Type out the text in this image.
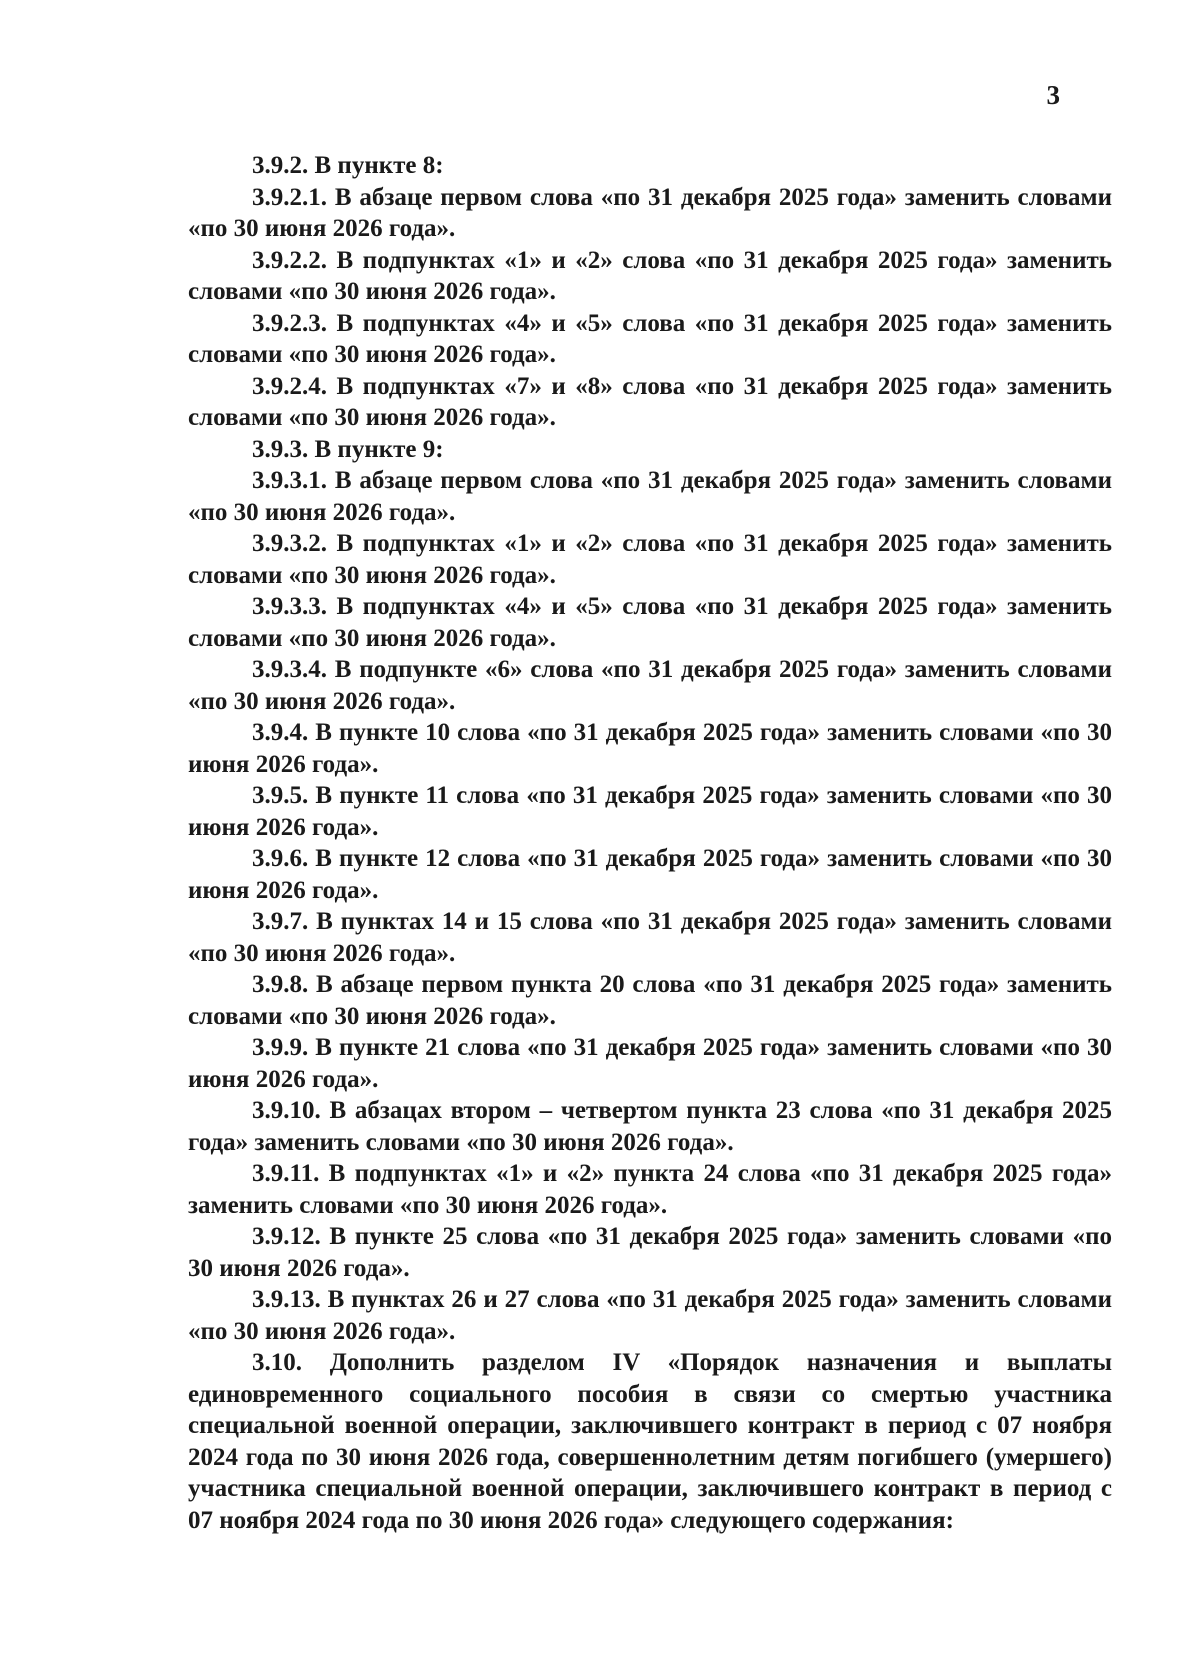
3

3.9.2. В пункте 8:

3.9.2.1. В абзаце первом слова «по 31 декабря 2025 года» заменить словами «по 30 июня 2026 года».

3.9.2.2. В подпунктах «1» и «2» слова «по 31 декабря 2025 года» заменить словами «по 30 июня 2026 года».

3.9.2.3. В подпунктах «4» и «5» слова «по 31 декабря 2025 года» заменить словами «по 30 июня 2026 года».

3.9.2.4. В подпунктах «7» и «8» слова «по 31 декабря 2025 года» заменить словами «по 30 июня 2026 года».

3.9.3. В пункте 9:

3.9.3.1. В абзаце первом слова «по 31 декабря 2025 года» заменить словами «по 30 июня 2026 года».

3.9.3.2. В подпунктах «1» и «2» слова «по 31 декабря 2025 года» заменить словами «по 30 июня 2026 года».

3.9.3.3. В подпунктах «4» и «5» слова «по 31 декабря 2025 года» заменить словами «по 30 июня 2026 года».

3.9.3.4. В подпункте «6» слова «по 31 декабря 2025 года» заменить словами «по 30 июня 2026 года».

3.9.4. В пункте 10 слова «по 31 декабря 2025 года» заменить словами «по 30 июня 2026 года».

3.9.5. В пункте 11 слова «по 31 декабря 2025 года» заменить словами «по 30 июня 2026 года».

3.9.6. В пункте 12 слова «по 31 декабря 2025 года» заменить словами «по 30 июня 2026 года».

3.9.7. В пунктах 14 и 15 слова «по 31 декабря 2025 года» заменить словами «по 30 июня 2026 года».

3.9.8. В абзаце первом пункта 20 слова «по 31 декабря 2025 года» заменить словами «по 30 июня 2026 года».

3.9.9. В пункте 21 слова «по 31 декабря 2025 года» заменить словами «по 30 июня 2026 года».

3.9.10. В абзацах втором – четвертом пункта 23 слова «по 31 декабря 2025 года» заменить словами «по 30 июня 2026 года».

3.9.11. В подпунктах «1» и «2» пункта 24 слова «по 31 декабря 2025 года» заменить словами «по 30 июня 2026 года».

3.9.12. В пункте 25 слова «по 31 декабря 2025 года» заменить словами «по 30 июня 2026 года».

3.9.13. В пунктах 26 и 27 слова «по 31 декабря 2025 года» заменить словами «по 30 июня 2026 года».

3.10. Дополнить разделом IV «Порядок назначения и выплаты единовременного социального пособия в связи со смертью участника специальной военной операции, заключившего контракт в период с 07 ноября 2024 года по 30 июня 2026 года, совершеннолетним детям погибшего (умершего) участника специальной военной операции, заключившего контракт в период с 07 ноября 2024 года по 30 июня 2026 года» следующего содержания:
